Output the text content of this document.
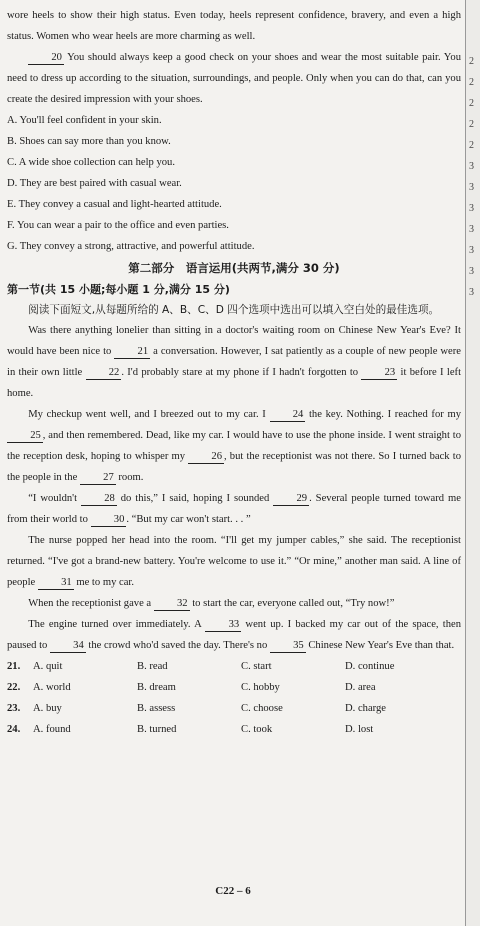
wore heels to show their high status. Even today, heels represent confidence, bravery, and even a high status. Women who wear heels are more charming as well.

20 You should always keep a good check on your shoes and wear the most suitable pair. You need to dress up according to the situation, surroundings, and people. Only when you can do that, can you create the desired impression with your shoes.

A. You'll feel confident in your skin.
B. Shoes can say more than you know.
C. A wide shoe collection can help you.
D. They are best paired with casual wear.
E. They convey a casual and light-hearted attitude.
F. You can wear a pair to the office and even parties.
G. They convey a strong, attractive, and powerful attitude.
第二部分　语言运用(共两节,满分 30 分)
第一节(共 15 小题;每小题 1 分,满分 15 分)
阅读下面短文,从每题所给的 A、B、C、D 四个选项中选出可以填入空白处的最佳选项。

Was there anything lonelier than sitting in a doctor's waiting room on Chinese New Year's Eve? It would have been nice to 21 a conversation. However, I sat patiently as a couple of new people were in their own little	22 . I'd probably stare at my phone if I hadn't forgotten to	23 it before I left home.

My checkup went well, and I breezed out to my car. I	24 the key. Nothing. I reached for my 25 , and then remembered. Dead, like my car. I would have to use the phone inside. I went straight to the reception desk, hoping to whisper my 26 , but the receptionist was not there. So I turned back to the people in the 27 room.

“I wouldn't	28 do this,” I said, hoping I sounded	29 . Several people turned toward me from their world to 30 . “But my car won't start. . . ”

The nurse popped her head into the room. “I'll get my jumper cables,” she said. The receptionist returned. “I've got a brand-new battery. You're welcome to use it.” “Or mine,” another man said. A line of people 31 me to my car.

When the receptionist gave a 32 to start the car, everyone called out, “Try now!”

The engine turned over immediately. A	33 went up. I backed my car out of the space, then paused to 34 the crowd who'd saved the day. There's no 35 Chinese New Year's Eve than that.

21.	A. quit	B. read	C. start	D. continue
22.	A. world	B. dream	C. hobby	D. area
23.	A. buy	B. assess	C. choose	D. charge
24.	A. found	B. turned	C. took	D. lost
C22 – 6
2
2
2
2
2
3
3
3
3
3
3
3
